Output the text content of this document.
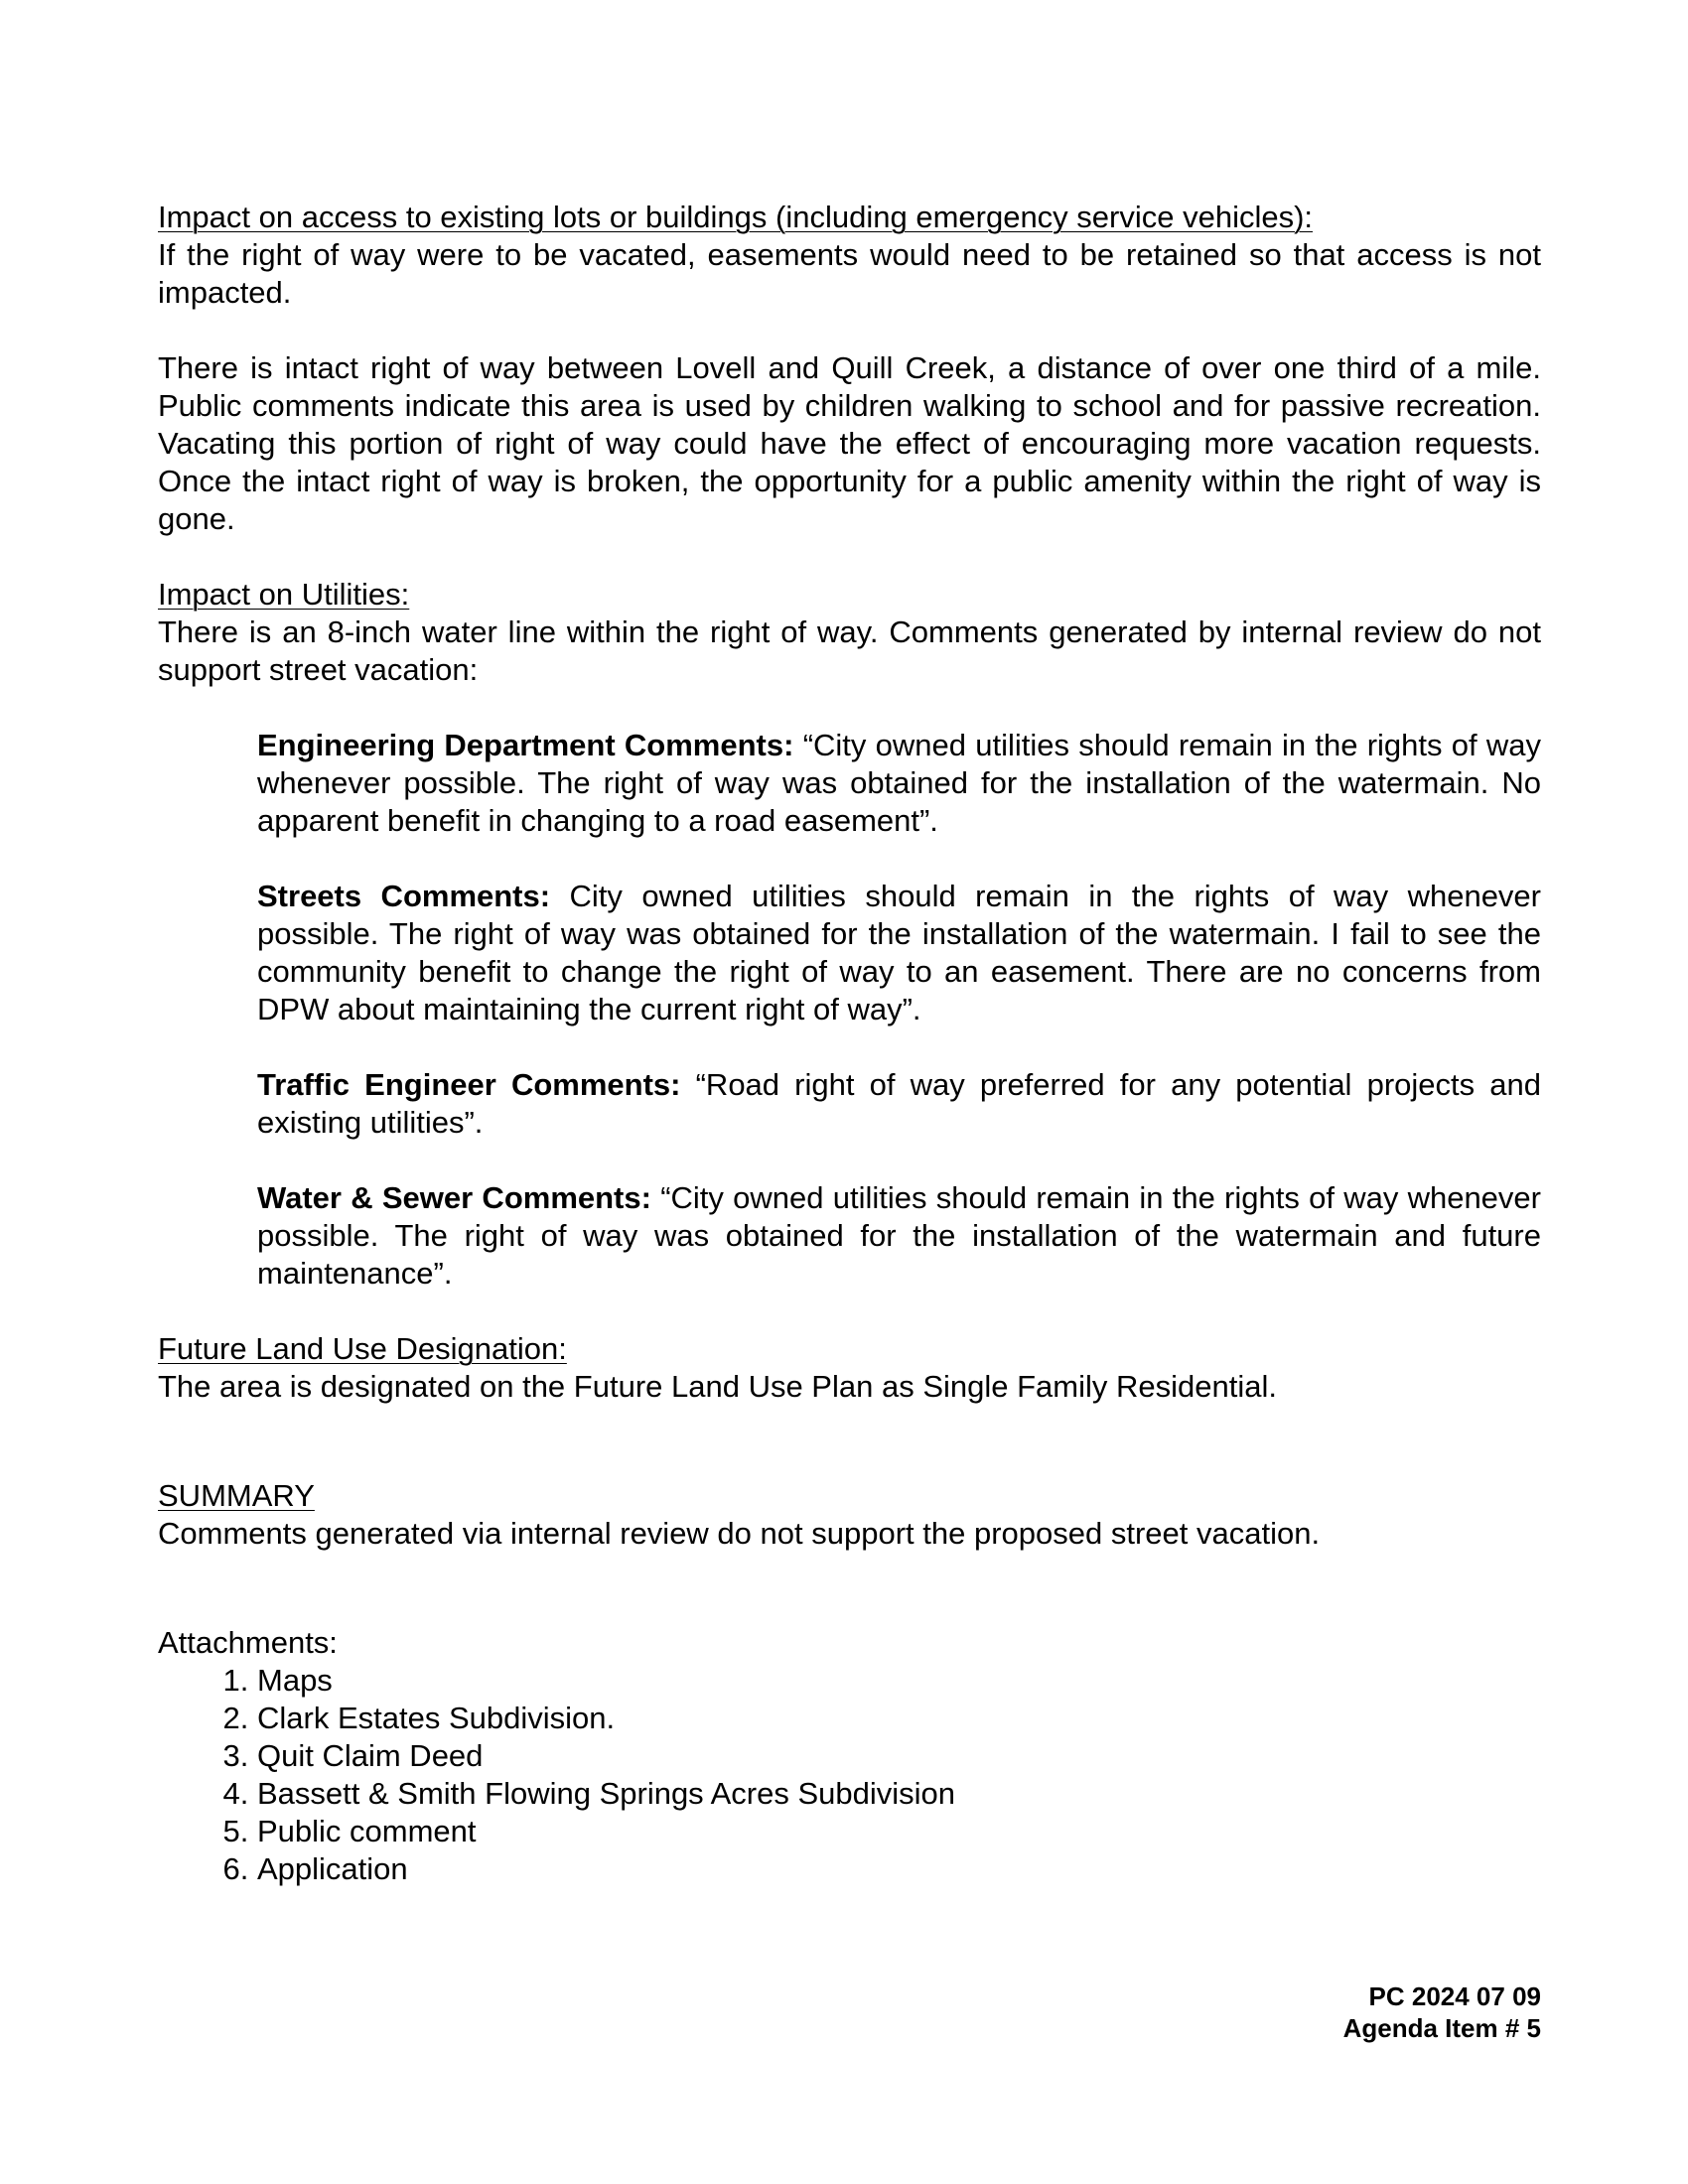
Impact on access to existing lots or buildings (including emergency service vehicles):

If the right of way were to be vacated, easements would need to be retained so that access is not impacted.

There is intact right of way between Lovell and Quill Creek, a distance of over one third of a mile. Public comments indicate this area is used by children walking to school and for passive recreation. Vacating this portion of right of way could have the effect of encouraging more vacation requests. Once the intact right of way is broken, the opportunity for a public amenity within the right of way is gone.

Impact on Utilities:

There is an 8-inch water line within the right of way. Comments generated by internal review do not support street vacation:

Engineering Department Comments: “City owned utilities should remain in the rights of way whenever possible. The right of way was obtained for the installation of the watermain. No apparent benefit in changing to a road easement”.

Streets Comments: City owned utilities should remain in the rights of way whenever possible. The right of way was obtained for the installation of the watermain. I fail to see the community benefit to change the right of way to an easement. There are no concerns from DPW about maintaining the current right of way”.

Traffic Engineer Comments: “Road right of way preferred for any potential projects and existing utilities”.

Water & Sewer Comments: “City owned utilities should remain in the rights of way whenever possible. The right of way was obtained for the installation of the watermain and future maintenance”.

Future Land Use Designation:

The area is designated on the Future Land Use Plan as Single Family Residential.

SUMMARY

Comments generated via internal review do not support the proposed street vacation.

Attachments:

1. Maps
2. Clark Estates Subdivision.
3. Quit Claim Deed
4. Bassett & Smith Flowing Springs Acres Subdivision
5. Public comment
6. Application
PC 2024 07 09
Agenda Item # 5
